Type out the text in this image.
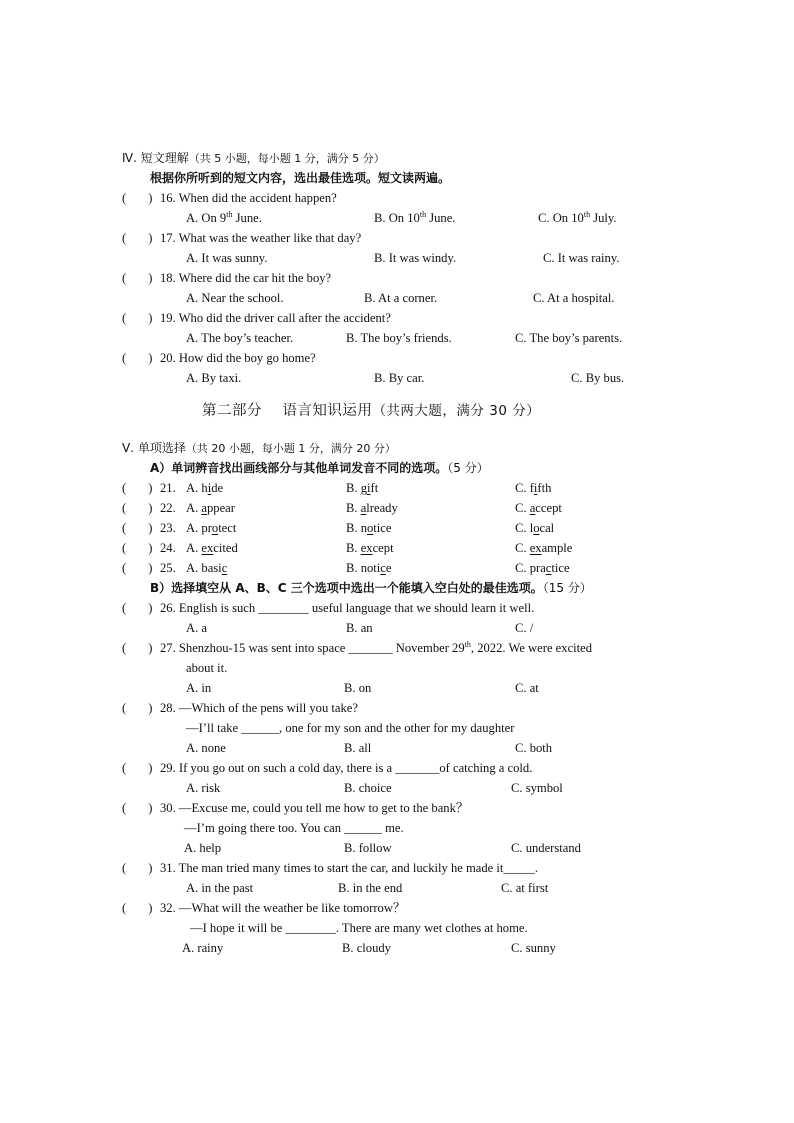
Ⅳ. 短文理解（共 5 小题，每小题 1 分，满分 5 分）
根据你所听到的短文内容，选出最佳选项。短文读两遍。
(       ) 16. When did the accident happen?
A. On 9th June.	B. On 10th June.	C. On 10th July.
(       ) 17. What was the weather like that day?
A. It was sunny.	B. It was windy.	C. It was rainy.
(       ) 18. Where did the car hit the boy?
A. Near the school.	B. At a corner.	C. At a hospital.
(       ) 19. Who did the driver call after the accident?
A. The boy’s teacher.	B. The boy’s friends.	C. The boy’s parents.
(       ) 20. How did the boy go home?
A. By taxi.	B. By car.	C. By bus.
第二部分    语言知识运用（共两大题，满分 30 分）
Ⅴ. 单项选择（共 20 小题，每小题 1 分，满分 20 分）
A）单词辨音找出画线部分与其他单词发音不同的选项。（5 分）
(       ) 21. A. hide	B. gift	C. fifth
(       ) 22. A. appear	B. already	C. accept
(       ) 23. A. protect	B. notice	C. local
(       ) 24. A. excited	B. except	C. example
(       ) 25. A. basic	B. notice	C. practice
B）选择填空从 A、B、C 三个选项中选出一个能填入空白处的最佳选项。（15 分）
(       ) 26. English is such ________ useful language that we should learn it well.
A. a	B. an	C. /
(       ) 27. Shenzhou-15 was sent into space _______ November 29th, 2022. We were excited
about it.
A. in	B. on	C. at
(       ) 28. —Which of the pens will you take?
—I’ll take ______, one for my son and the other for my daughter
A. none	B. all	C. both
(       ) 29. If you go out on such a cold day, there is a _______of catching a cold.
A. risk	B. choice	C. symbol
(       ) 30. —Excuse me, could you tell me how to get to the bank？
—I’m going there too. You can ______ me.
A. help	B. follow	C. understand
(       ) 31. The man tried many times to start the car, and luckily he made it_____.
A. in the past	B. in the end	C. at first
(       ) 32. —What will the weather be like tomorrow？
—I hope it will be ________. There are many wet clothes at home.
A. rainy	B. cloudy	C. sunny
